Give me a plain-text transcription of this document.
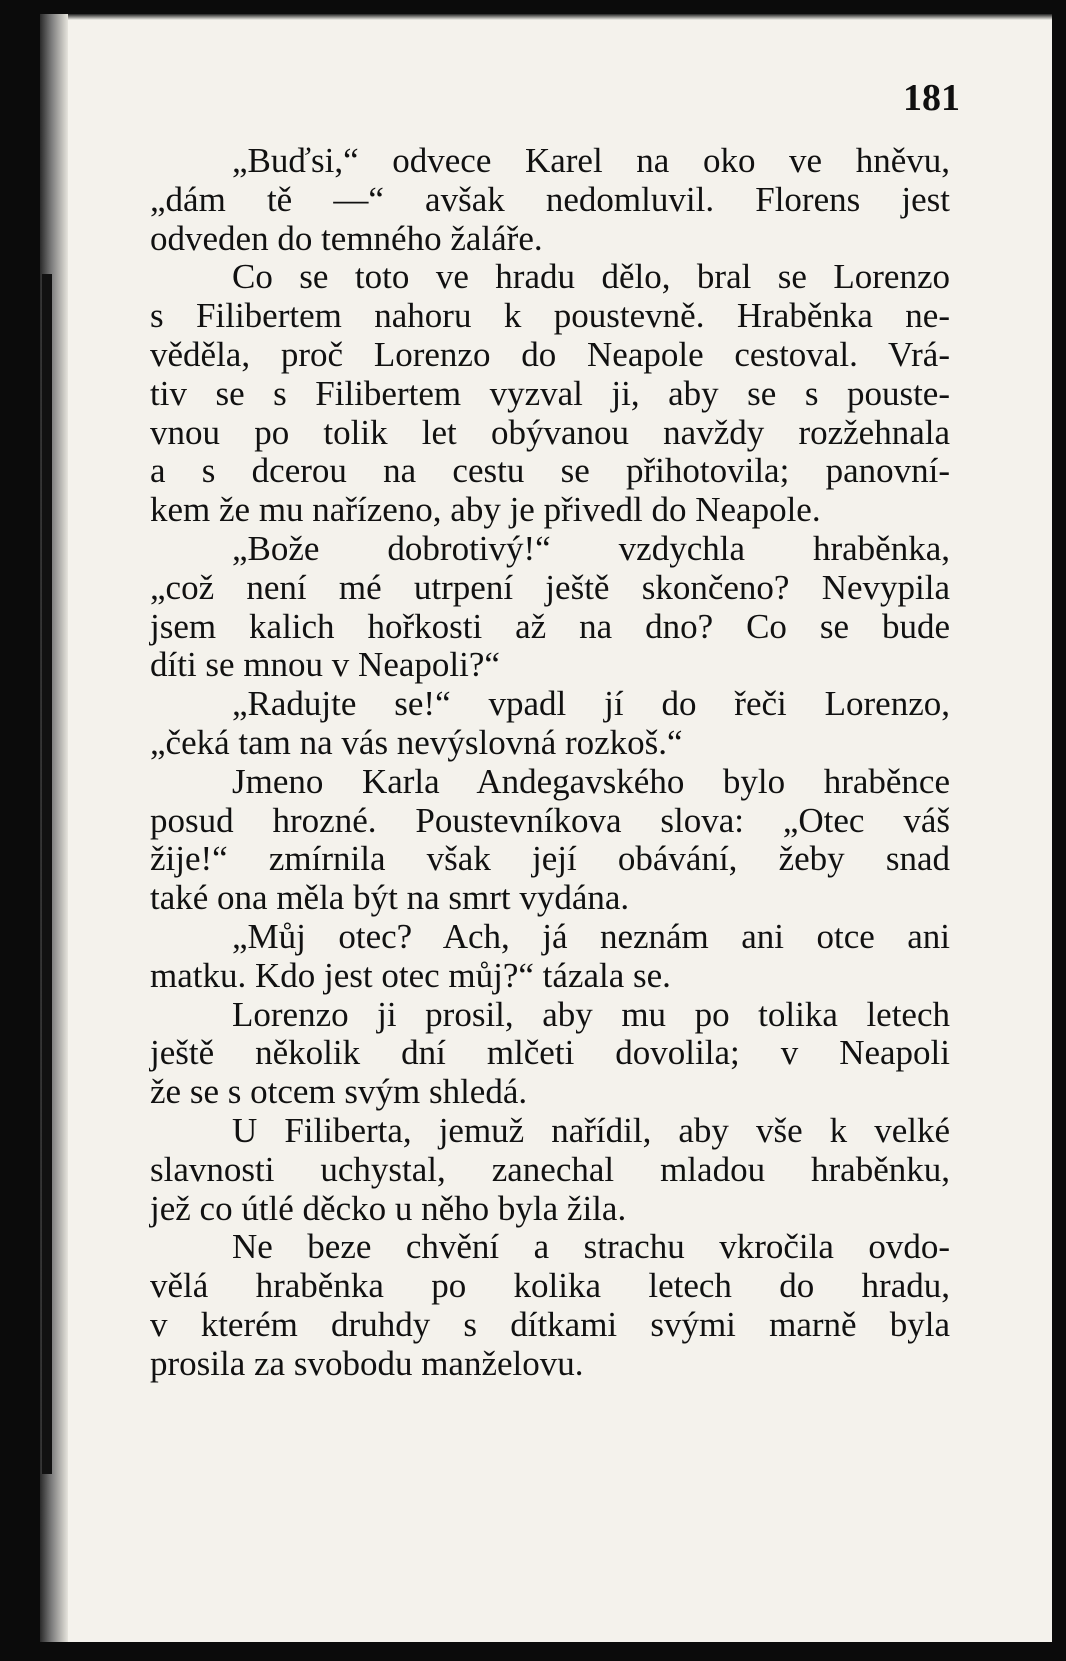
181
„Buďsi,“ odvece Karel na oko ve hněvu,
„dám tě —“ avšak nedomluvil. Florens jest
odveden do temného žaláře.
Co se toto ve hradu dělo, bral se Lorenzo
s Filibertem nahoru k poustevně. Hraběnka ne-
věděla, proč Lorenzo do Neapole cestoval. Vrá-
tiv se s Filibertem vyzval ji, aby se s pouste-
vnou po tolik let obývanou navždy rozžehnala
a s dcerou na cestu se přihotovila; panovní-
kem že mu nařízeno, aby je přivedl do Neapole.
„Bože dobrotivý!“ vzdychla hraběnka,
„což není mé utrpení ještě skončeno? Nevypila
jsem kalich hořkosti až na dno? Co se bude
díti se mnou v Neapoli?“
„Radujte se!“ vpadl jí do řeči Lorenzo,
„čeká tam na vás nevýslovná rozkoš.“
Jmeno Karla Andegavského bylo hraběnce
posud hrozné. Poustevníkova slova: „Otec váš
žije!“ zmírnila však její obávání, žeby snad
také ona měla být na smrt vydána.
„Můj otec? Ach, já neznám ani otce ani
matku. Kdo jest otec můj?“ tázala se.
Lorenzo ji prosil, aby mu po tolika letech
ještě několik dní mlčeti dovolila; v Neapoli
že se s otcem svým shledá.
U Filiberta, jemuž nařídil, aby vše k velké
slavnosti uchystal, zanechal mladou hraběnku,
jež co útlé děcko u něho byla žila.
Ne beze chvění a strachu vkročila ovdo-
vělá hraběnka po kolika letech do hradu,
v kterém druhdy s dítkami svými marně byla
prosila za svobodu manželovu.
